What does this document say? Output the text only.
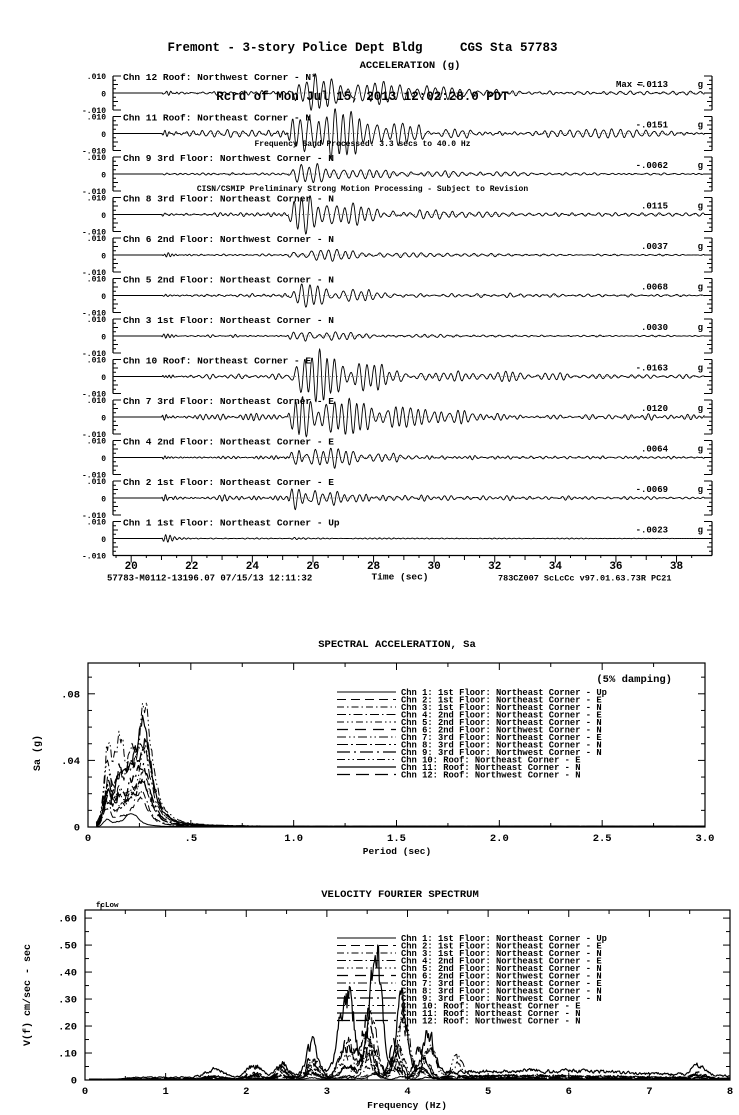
Fremont - 3-story Police Dept Bldg     CGS Sta 57783

Rcrd of Mon Jul 15, 2013 12:02:28.0 PDT

Frequency Band Processed: 3.3 secs to 40.0 Hz

CISN/CSMIP Preliminary Strong Motion Processing - Subject to Revision

ACCELERATION (g)
.010
0
-.010
Chn 12 Roof: Northwest Corner - N*
Max =
-.0113	g
.010
0
-.010
Chn 11 Roof: Northeast Corner - N
-.0151	g
.010
0
-.010
Chn 9 3rd Floor: Northwest Corner - N
-.0062	g
.010
0
-.010
Chn 8 3rd Floor: Northeast Corner - N
.0115	g
.010
0
-.010
Chn 6 2nd Floor: Northwest Corner - N
.0037	g
.010
0
-.010
Chn 5 2nd Floor: Northeast Corner - N
.0068	g
.010
0
-.010
Chn 3 1st Floor: Northeast Corner - N
.0030	g
.010
0
-.010
Chn 10 Roof: Northeast Corner - E
-.0163	g
.010
0
-.010
Chn 7 3rd Floor: Northeast Corner - E
.0120	g
.010
0
-.010
Chn 4 2nd Floor: Northeast Corner - E
.0064	g
.010
0
-.010
Chn 2 1st Floor: Northeast Corner - E
-.0069	g
.010
0
-.010
Chn 1 1st Floor: Northeast Corner - Up
-.0023	g
20	22	24	26	28	30	32	34	36	38
Time (sec)
57783-M0112-13196.07 07/15/13 12:11:32	783CZ007 ScLcCc v97.01.63.73R PC21
SPECTRAL ACCELERATION, Sa
0	.5	1.0	1.5	2.0	2.5	3.0
0
.04
.08
Sa (g)
Period (sec)
(5% damping)
Chn 1: 1st Floor: Northeast Corner - Up
Chn 2: 1st Floor: Northeast Corner - E
Chn 3: 1st Floor: Northeast Corner - N
Chn 4: 2nd Floor: Northeast Corner - E
Chn 5: 2nd Floor: Northeast Corner - N
Chn 6: 2nd Floor: Northwest Corner - N
Chn 7: 3rd Floor: Northeast Corner - E
Chn 8: 3rd Floor: Northeast Corner - N
Chn 9: 3rd Floor: Northwest Corner - N
Chn 10: Roof: Northeast Corner - E
Chn 11: Roof: Northeast Corner - N
Chn 12: Roof: Northwest Corner - N
VELOCITY FOURIER SPECTRUM
0	1	2	3	4	5	6	7	8
0
.10
.20
.30
.40
.50
.60
V(f) cm/sec - sec
Frequency (Hz)
fcLow
Chn 1: 1st Floor: Northeast Corner - Up
Chn 2: 1st Floor: Northeast Corner - E
Chn 3: 1st Floor: Northeast Corner - N
Chn 4: 2nd Floor: Northeast Corner - E
Chn 5: 2nd Floor: Northeast Corner - N
Chn 6: 2nd Floor: Northwest Corner - N
Chn 7: 3rd Floor: Northeast Corner - E
Chn 8: 3rd Floor: Northeast Corner - N
Chn 9: 3rd Floor: Northwest Corner - N
Chn 10: Roof: Northeast Corner - E
Chn 11: Roof: Northeast Corner - N
Chn 12: Roof: Northwest Corner - N
